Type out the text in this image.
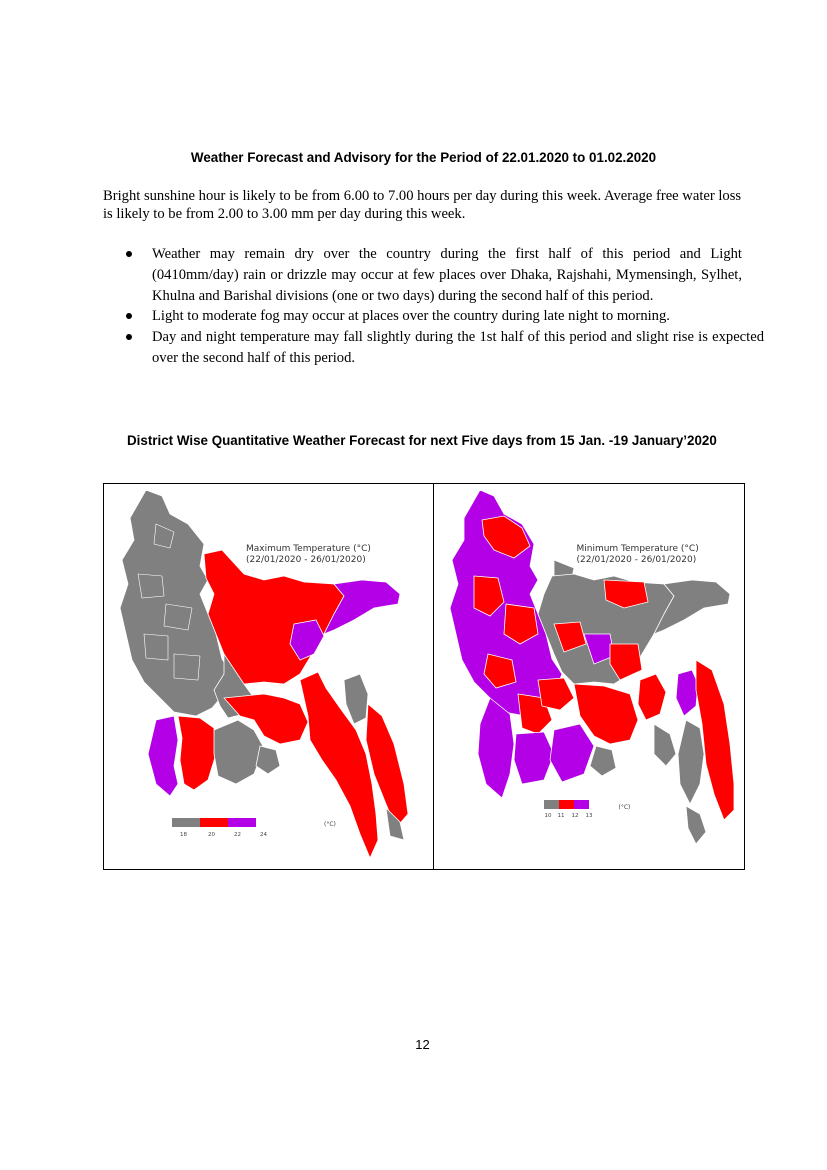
Weather Forecast and Advisory for the Period of 22.01.2020 to 01.02.2020
Bright sunshine hour is likely to be from 6.00 to 7.00 hours per day during this week. Average free water loss is likely to be from 2.00 to 3.00 mm per day during this week.
Weather may remain dry over the country during the first half of this period and Light (0410mm/day) rain or drizzle may occur at few places over Dhaka, Rajshahi, Mymensingh, Sylhet, Khulna and Barishal divisions (one or two days) during the second half of this period.
Light to moderate fog may occur at places over the country during late night to morning.
Day and night temperature may fall slightly during the 1st half of this period and slight rise is expected over the second half of this period.
District Wise Quantitative Weather Forecast for next Five days from 15 Jan. -19 January’2020
Maximum Temperature (°C)
(22/01/2020 - 26/01/2020)
18	20	22	24
(°C)
Minimum Temperature (°C)
(22/01/2020 - 26/01/2020)
10 11 12 13
(°C)
12
